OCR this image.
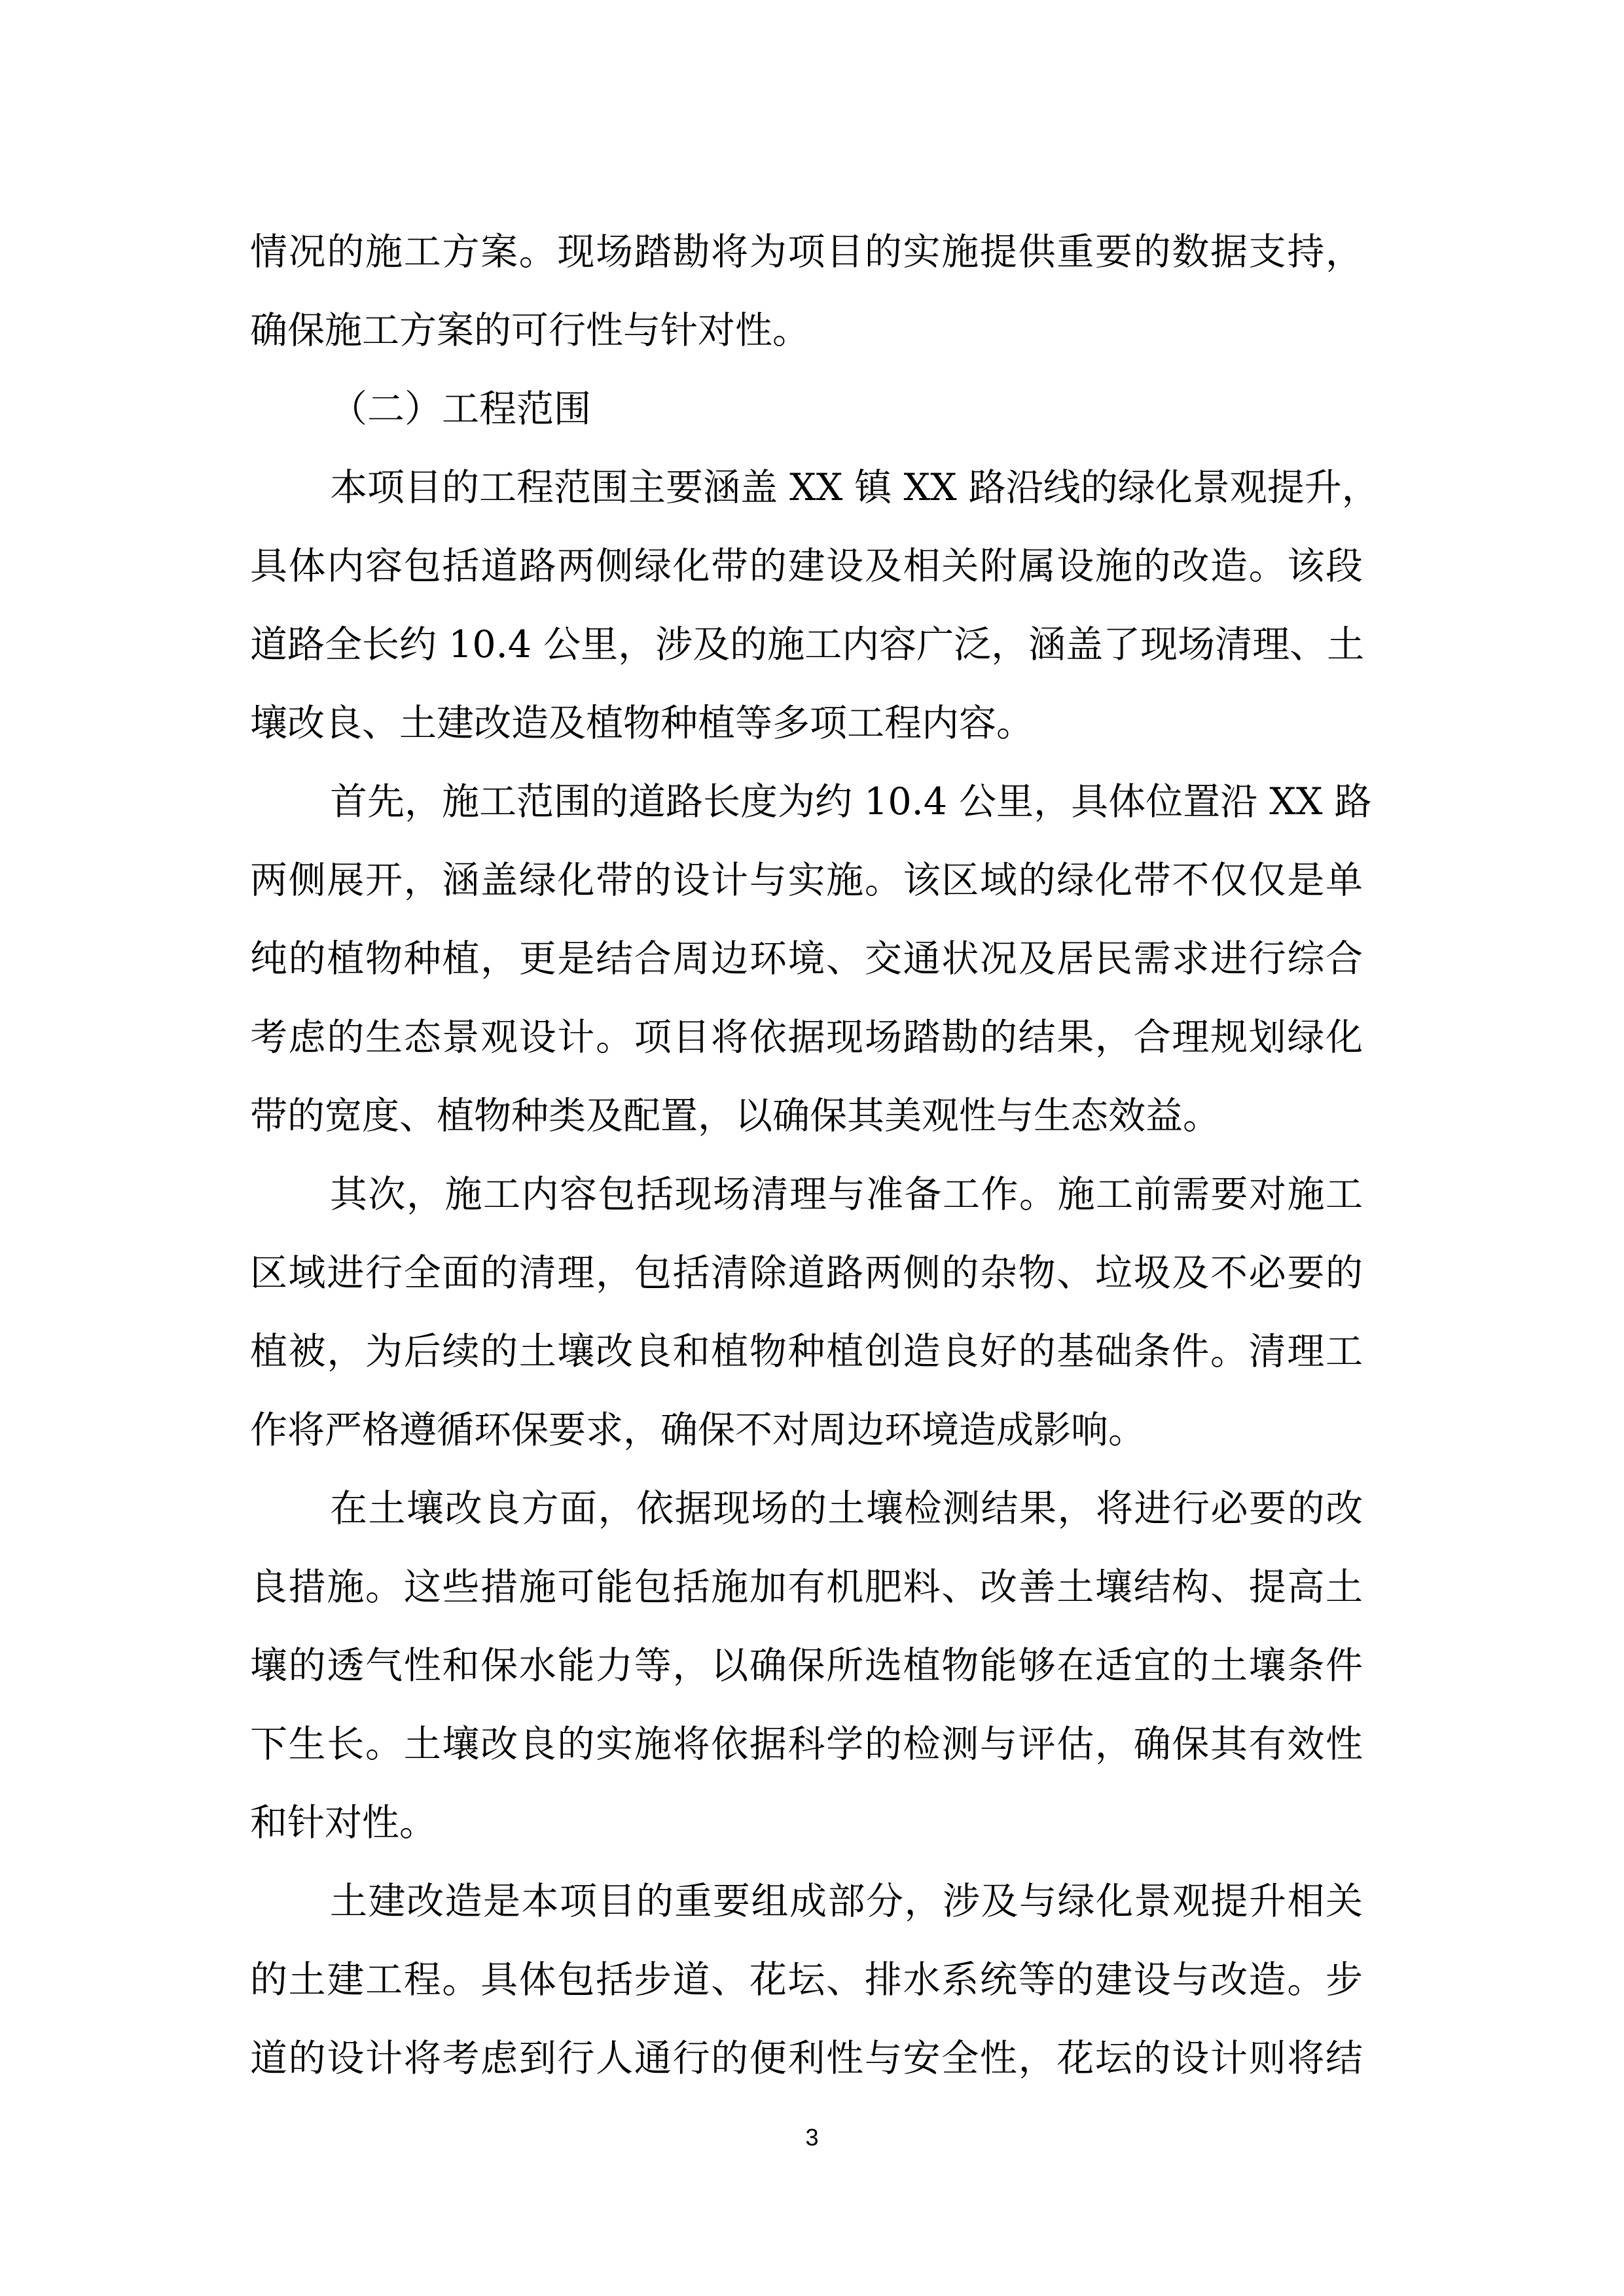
情况的施工方案。现场踏勘将为项目的实施提供重要的数据支持，
确保施工方案的可行性与针对性。
（二）工程范围
本项目的工程范围主要涵盖 XX 镇 XX 路沿线的绿化景观提升，
具体内容包括道路两侧绿化带的建设及相关附属设施的改造。该段
道路全长约 10.4 公里，涉及的施工内容广泛，涵盖了现场清理、土
壤改良、土建改造及植物种植等多项工程内容。
首先，施工范围的道路长度为约 10.4 公里，具体位置沿 XX 路
两侧展开，涵盖绿化带的设计与实施。该区域的绿化带不仅仅是单
纯的植物种植，更是结合周边环境、交通状况及居民需求进行综合
考虑的生态景观设计。项目将依据现场踏勘的结果，合理规划绿化
带的宽度、植物种类及配置，以确保其美观性与生态效益。
其次，施工内容包括现场清理与准备工作。施工前需要对施工
区域进行全面的清理，包括清除道路两侧的杂物、垃圾及不必要的
植被，为后续的土壤改良和植物种植创造良好的基础条件。清理工
作将严格遵循环保要求，确保不对周边环境造成影响。
在土壤改良方面，依据现场的土壤检测结果，将进行必要的改
良措施。这些措施可能包括施加有机肥料、改善土壤结构、提高土
壤的透气性和保水能力等，以确保所选植物能够在适宜的土壤条件
下生长。土壤改良的实施将依据科学的检测与评估，确保其有效性
和针对性。
土建改造是本项目的重要组成部分，涉及与绿化景观提升相关
的土建工程。具体包括步道、花坛、排水系统等的建设与改造。步
道的设计将考虑到行人通行的便利性与安全性，花坛的设计则将结
3
